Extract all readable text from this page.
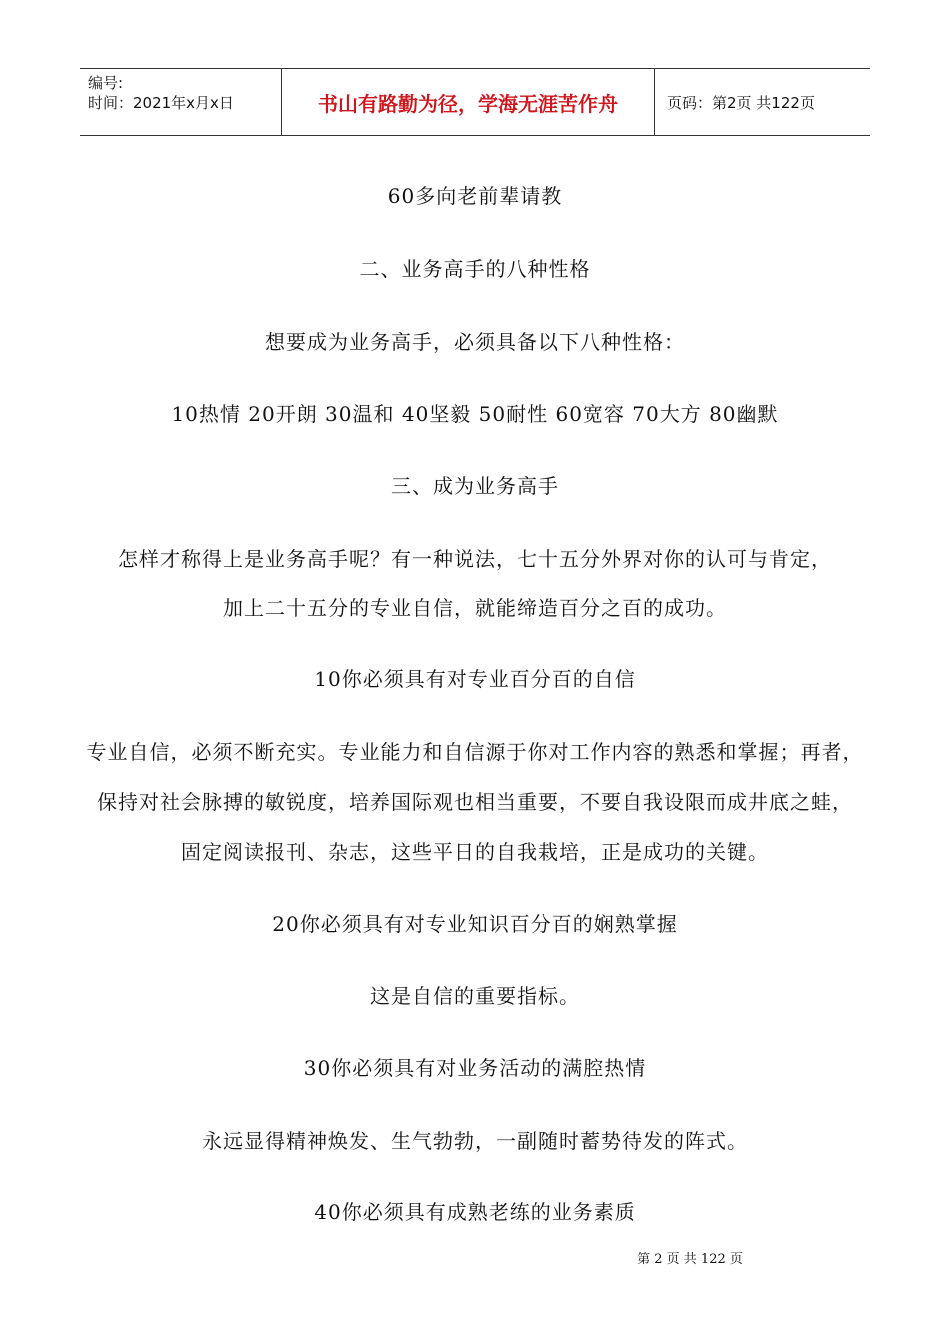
编号:
时间：2021年x月x日	书山有路勤为径，学海无涯苦作舟	页码：第2页 共122页
60多向老前辈请教
二、业务高手的八种性格
想要成为业务高手，必须具备以下八种性格：
10热情 20开朗 30温和 40坚毅 50耐性 60宽容 70大方 80幽默
三、成为业务高手
怎样才称得上是业务高手呢？有一种说法，七十五分外界对你的认可与肯定，
加上二十五分的专业自信，就能缔造百分之百的成功。
10你必须具有对专业百分百的自信
专业自信，必须不断充实。专业能力和自信源于你对工作内容的熟悉和掌握；再者，
保持对社会脉搏的敏锐度，培养国际观也相当重要，不要自我设限而成井底之蛙，
固定阅读报刊、杂志，这些平日的自我栽培，正是成功的关键。
20你必须具有对专业知识百分百的娴熟掌握
这是自信的重要指标。
30你必须具有对业务活动的满腔热情
永远显得精神焕发、生气勃勃，一副随时蓄势待发的阵式。
40你必须具有成熟老练的业务素质
第 2 页 共 122 页
